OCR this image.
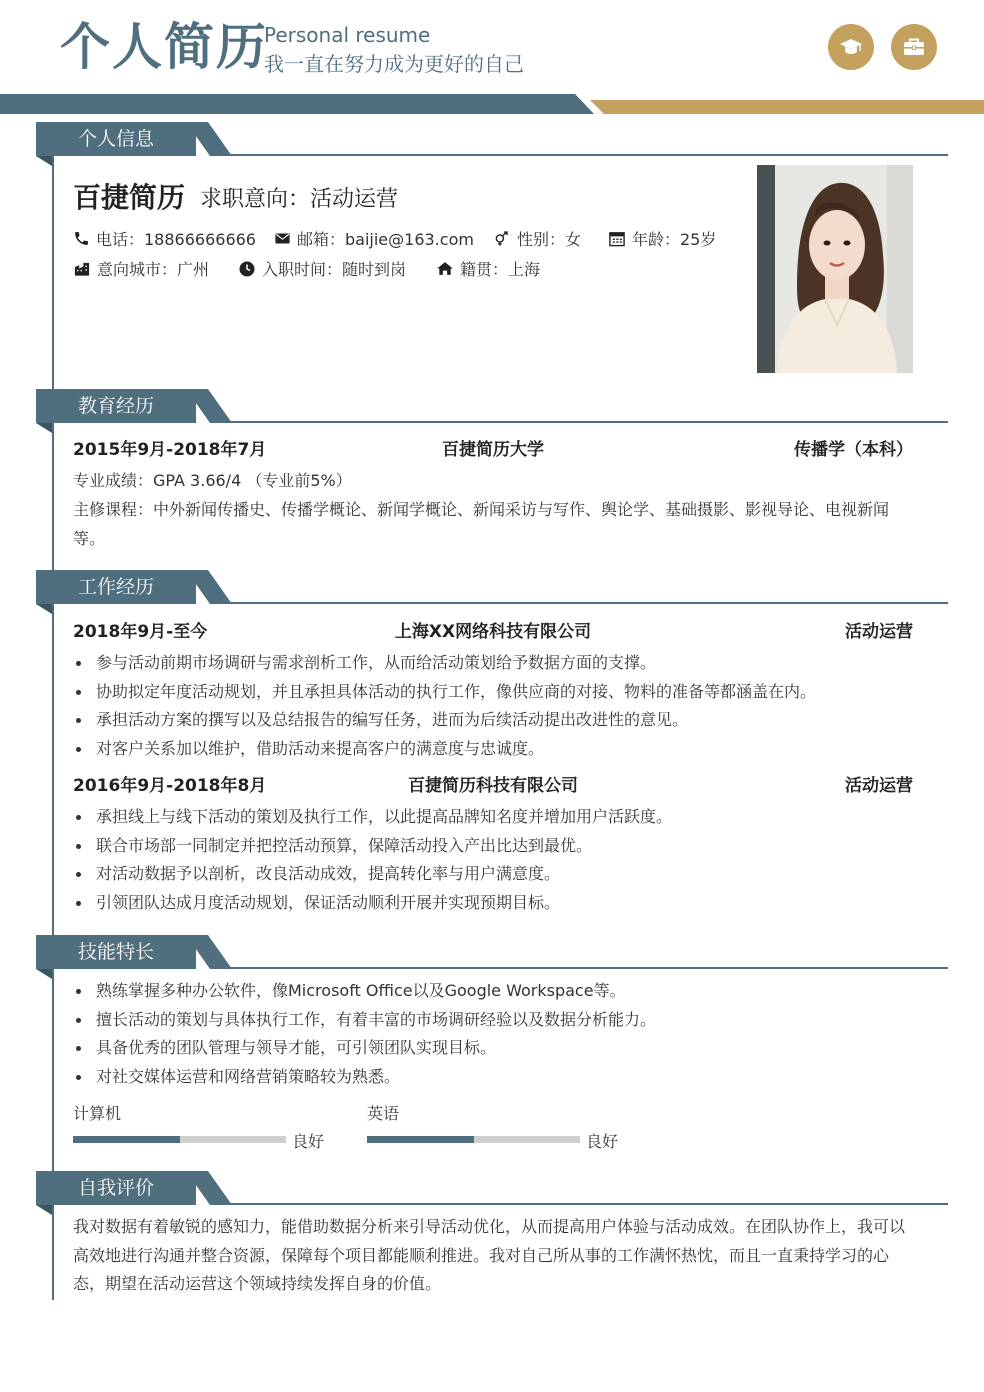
个人简历
Personal resume
我一直在努力成为更好的自己
个人信息
百捷简历 求职意向：活动运营
电话：18866666666	邮箱：baijie@163.com	性别：女	年龄：25岁
意向城市：广州	入职时间：随时到岗	籍贯：上海
教育经历
2015年9月-2018年7月	百捷简历大学	传播学（本科）
专业成绩：GPA 3.66/4 （专业前5%）
主修课程：中外新闻传播史、传播学概论、新闻学概论、新闻采访与写作、舆论学、基础摄影、影视导论、电视新闻等。
工作经历
2018年9月-至今	上海XX网络科技有限公司	活动运营
参与活动前期市场调研与需求剖析工作，从而给活动策划给予数据方面的支撑。
协助拟定年度活动规划，并且承担具体活动的执行工作，像供应商的对接、物料的准备等都涵盖在内。
承担活动方案的撰写以及总结报告的编写任务，进而为后续活动提出改进性的意见。
对客户关系加以维护，借助活动来提高客户的满意度与忠诚度。
2016年9月-2018年8月	百捷简历科技有限公司	活动运营
承担线上与线下活动的策划及执行工作，以此提高品牌知名度并增加用户活跃度。
联合市场部一同制定并把控活动预算，保障活动投入产出比达到最优。
对活动数据予以剖析，改良活动成效，提高转化率与用户满意度。
引领团队达成月度活动规划，保证活动顺利开展并实现预期目标。
技能特长
熟练掌握多种办公软件，像Microsoft Office以及Google Workspace等。
擅长活动的策划与具体执行工作，有着丰富的市场调研经验以及数据分析能力。
具备优秀的团队管理与领导才能，可引领团队实现目标。
对社交媒体运营和网络营销策略较为熟悉。
计算机
良好
英语
良好
自我评价
我对数据有着敏锐的感知力，能借助数据分析来引导活动优化，从而提高用户体验与活动成效。在团队协作上，我可以高效地进行沟通并整合资源，保障每个项目都能顺利推进。我对自己所从事的工作满怀热忱，而且一直秉持学习的心态，期望在活动运营这个领域持续发挥自身的价值。
